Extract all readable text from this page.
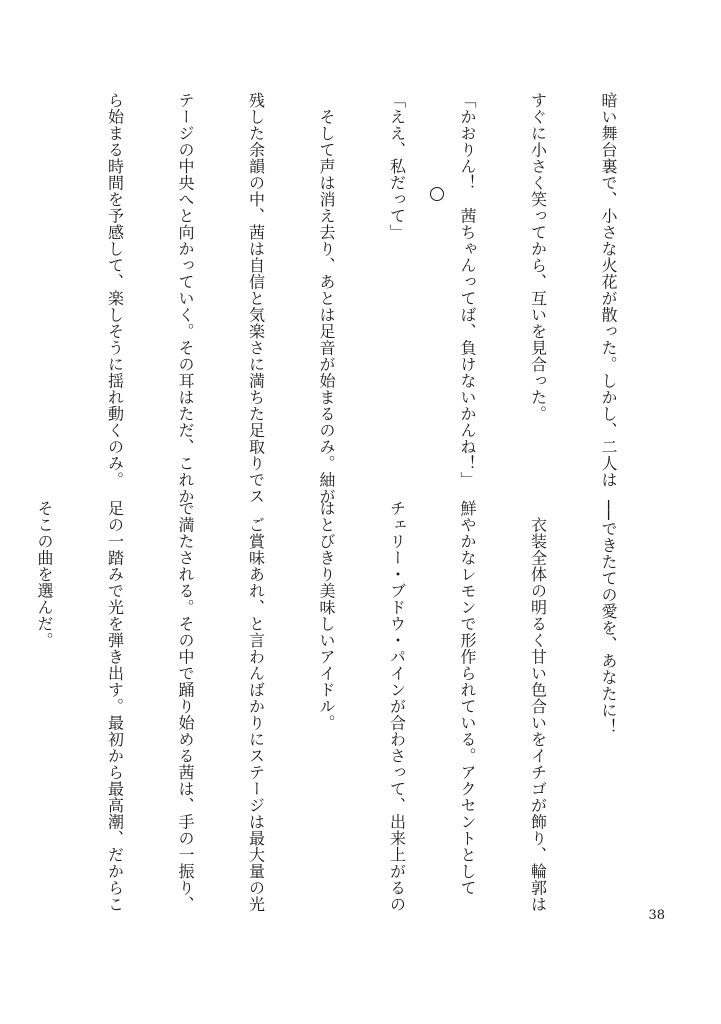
暗い舞台裏で、小さな火花が散った。しかし、二人は

すぐに小さく笑ってから、互いを見合った。

「かおりん！　茜ちゃんってば、負けないかんね！」

「ええ、私だって」

　そして声は消え去り、あとは足音が始まるのみ。紬が

残した余韻の中、茜は自信と気楽さに満ちた足取りでス

テージの中央へと向かっていく。その耳はただ、これか

ら始まる時間を予感して、楽しそうに揺れ動くのみ。

──できたての愛を、あなたに！

　衣装全体の明るく甘い色合いをイチゴが飾り、輪郭は

鮮やかなレモンで形作られている。アクセントとして

チェリー・ブドウ・パインが合わさって、出来上がるの

はとびきり美味しいアイドル。

　ご賞味あれ、と言わんばかりにステージは最大量の光

で満たされる。その中で踊り始める茜は、手の一振り、

足の一踏みで光を弾き出す。最初から最高潮、だからこ

そこの曲を選んだ。

38
